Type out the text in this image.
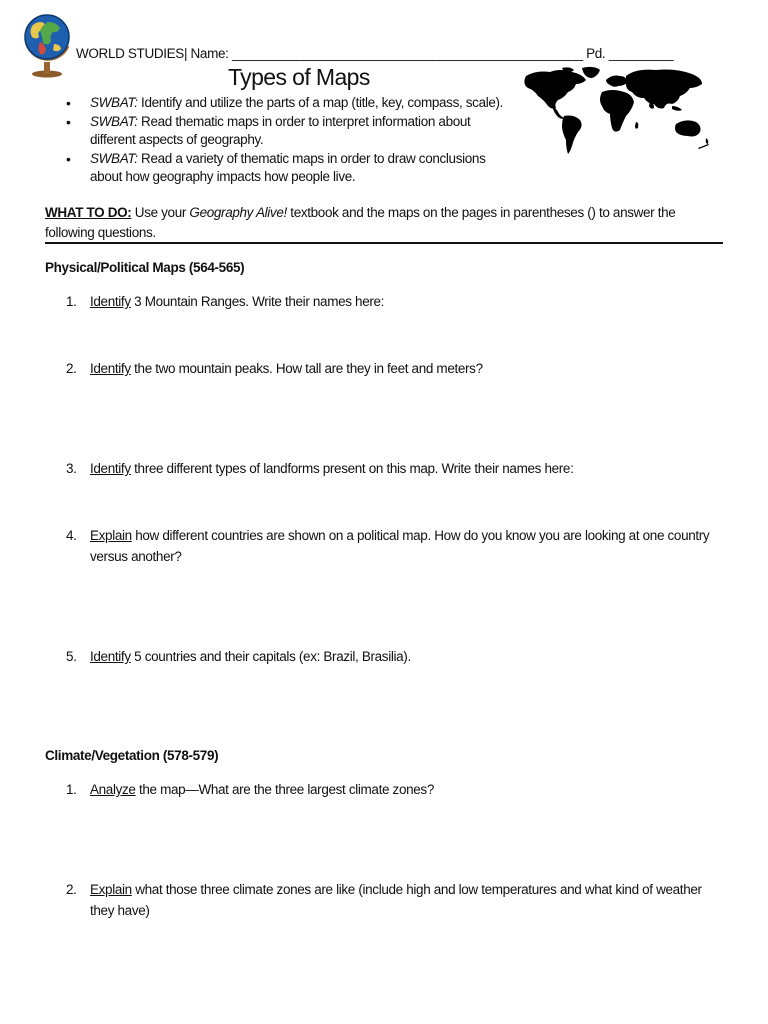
WORLD STUDIES| Name: _________________________________________________ Pd. _________
Types of Maps
• SWBAT: Identify and utilize the parts of a map (title, key, compass, scale).
• SWBAT: Read thematic maps in order to interpret information about different aspects of geography.
• SWBAT: Read a variety of thematic maps in order to draw conclusions about how geography impacts how people live.
WHAT TO DO: Use your Geography Alive! textbook and the maps on the pages in parentheses () to answer the following questions.
Physical/Political Maps (564-565)
1. Identify 3 Mountain Ranges. Write their names here:
2. Identify the two mountain peaks. How tall are they in feet and meters?
3. Identify three different types of landforms present on this map. Write their names here:
4. Explain how different countries are shown on a political map. How do you know you are looking at one country versus another?
5. Identify 5 countries and their capitals (ex: Brazil, Brasilia).
Climate/Vegetation (578-579)
1. Analyze the map—What are the three largest climate zones?
2. Explain what those three climate zones are like (include high and low temperatures and what kind of weather they have)
